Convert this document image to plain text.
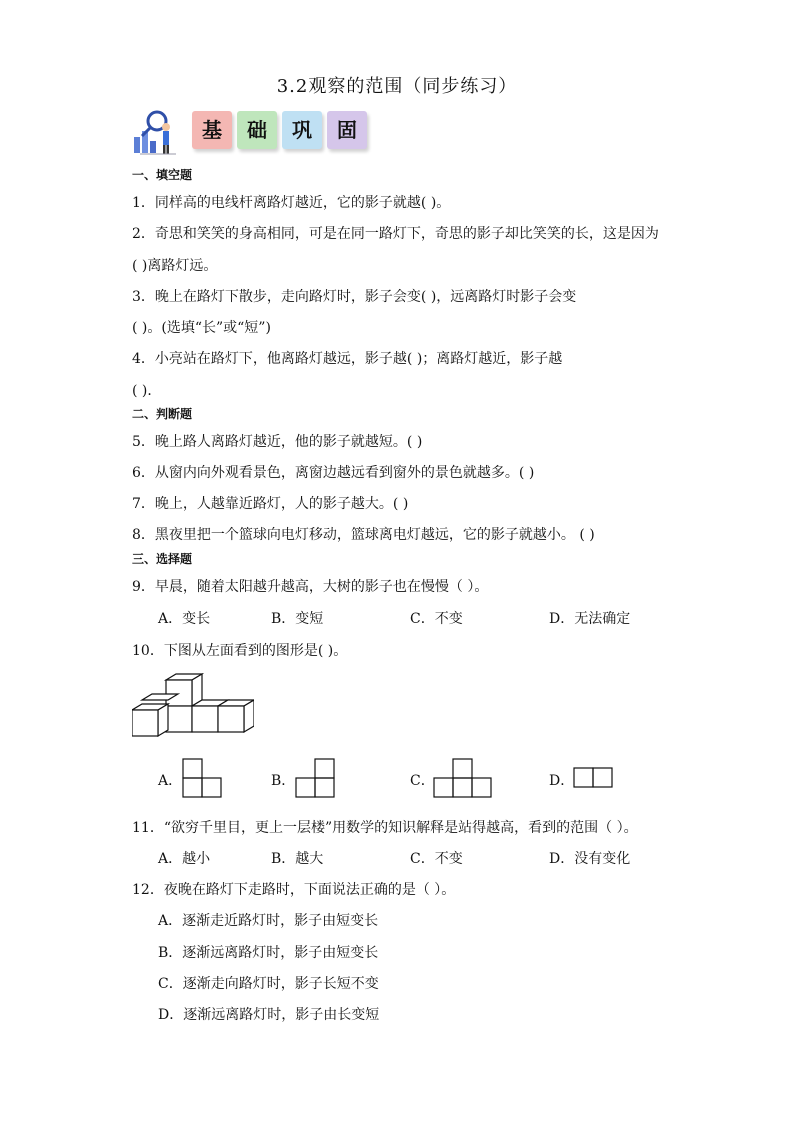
3.2观察的范围（同步练习）
基	础	巩	固
一、填空题
1．同样高的电线杆离路灯越近，它的影子就越( )。
2．奇思和笑笑的身高相同，可是在同一路灯下，奇思的影子却比笑笑的长，这是因为
( )离路灯远。
3．晚上在路灯下散步，走向路灯时，影子会变( )，远离路灯时影子会变
( )。(选填“长”或“短”)
4．小亮站在路灯下，他离路灯越远，影子越( )；离路灯越近，影子越
( )．
二、判断题
5．晚上路人离路灯越近，他的影子就越短。( )
6．从窗内向外观看景色，离窗边越远看到窗外的景色就越多。( )
7．晚上，人越靠近路灯，人的影子越大。( )
8．黑夜里把一个篮球向电灯移动，篮球离电灯越远，它的影子就越小。 ( )
三、选择题
9．早晨，随着太阳越升越高，大树的影子也在慢慢（ ）。
A．变长	B．变短	C．不变	D．无法确定
10．下图从左面看到的图形是( )。
A．	B．	C．	D．
11．“欲穷千里目，更上一层楼”用数学的知识解释是站得越高，看到的范围（ ）。
A．越小	B．越大	C．不变	D．没有变化
12．夜晚在路灯下走路时，下面说法正确的是（ ）。
A．逐渐走近路灯时，影子由短变长
B．逐渐远离路灯时，影子由短变长
C．逐渐走向路灯时，影子长短不变
D．逐渐远离路灯时，影子由长变短
